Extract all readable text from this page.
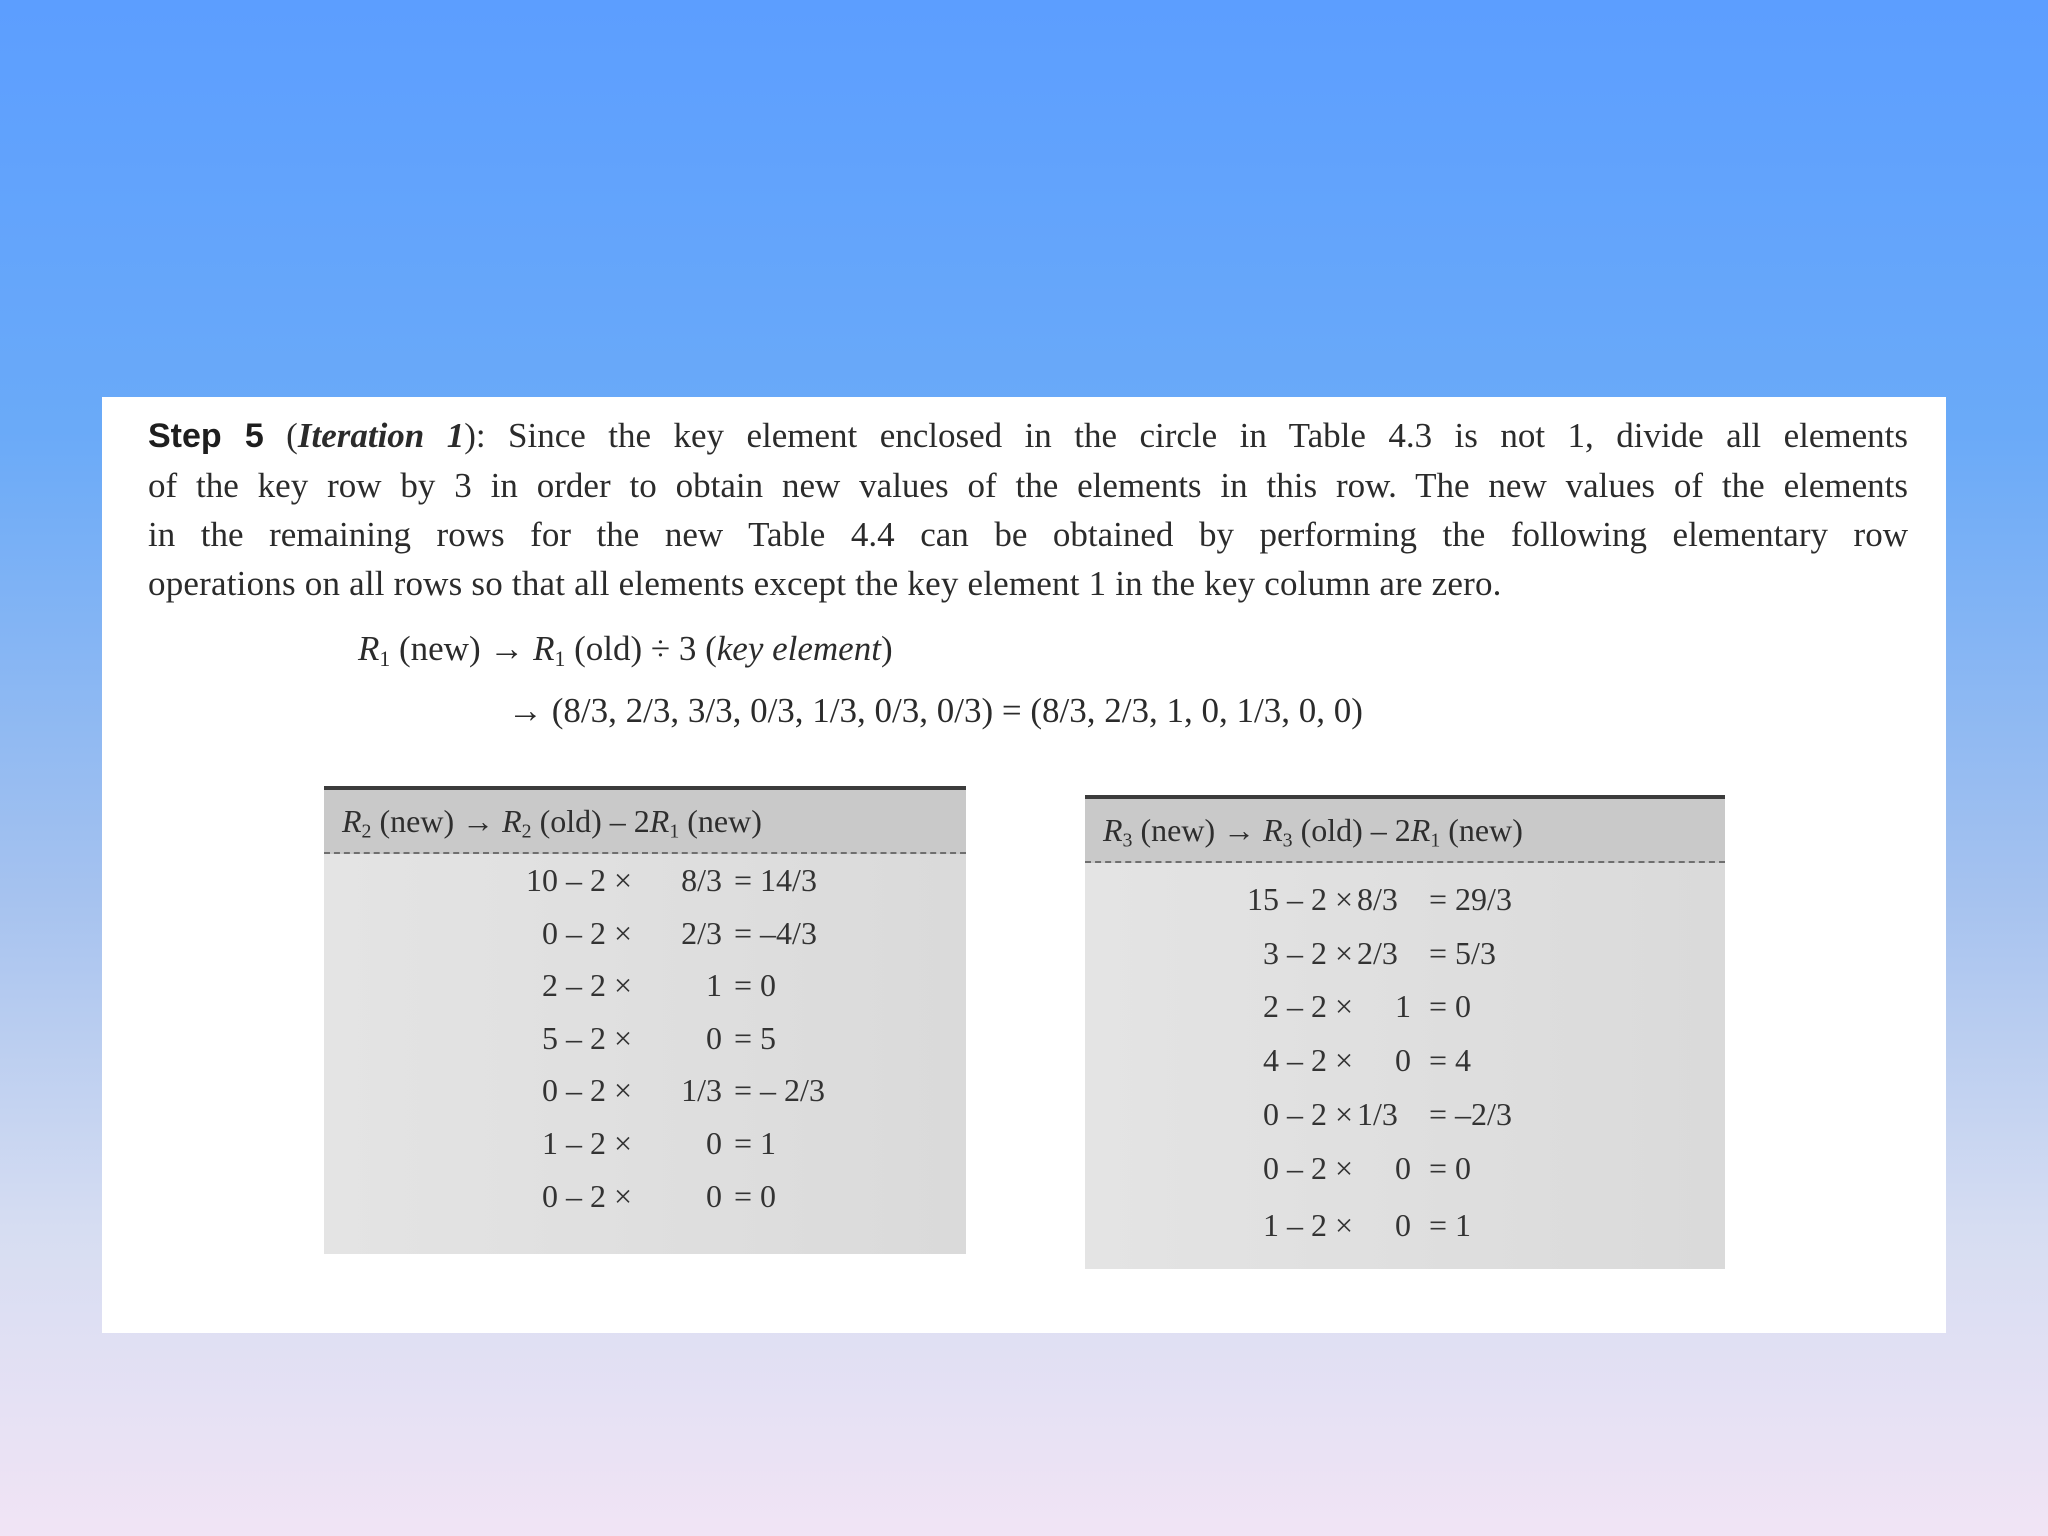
Step 5 (Iteration 1): Since the key element enclosed in the circle in Table 4.3 is not 1, divide all elements
of the key row by 3 in order to obtain new values of the elements in this row. The new values of the elements
in the remaining rows for the new Table 4.4 can be obtained by performing the following elementary row
operations on all rows so that all elements except the key element 1 in the key column are zero.
$R_1$ $(new) \to R_1$ (old) ÷ 3 (key element)
→ (8/3, 2/3, 3/3, 0/3, 1/3, 0/3, 0/3) = (8/3, 2/3, 1, 0, 1/3, 0, 0)
$R_2$ $(new) \to R_2$ $(old) - 2R_1$ (new)
10 – 2 × 8/3 = 14/3
0 – 2 × 2/3 = –4/3
2 – 2 × 1 = 0
5 – 2 × 0 = 5
0 – 2 × 1/3 = – 2/3
1 – 2 × 0 = 1
0 – 2 × 0 = 0
$R_3$ $(new) \to R_3$ $(old) - 2R_1$ (new)
15 – 2 × 8/3 = 29/3
3 – 2 × 2/3 = 5/3
2 – 2 × 1 = 0
4 – 2 × 0 = 4
0 – 2 × 1/3 = –2/3
0 – 2 × 0 = 0
1 – 2 × 0 = 1
